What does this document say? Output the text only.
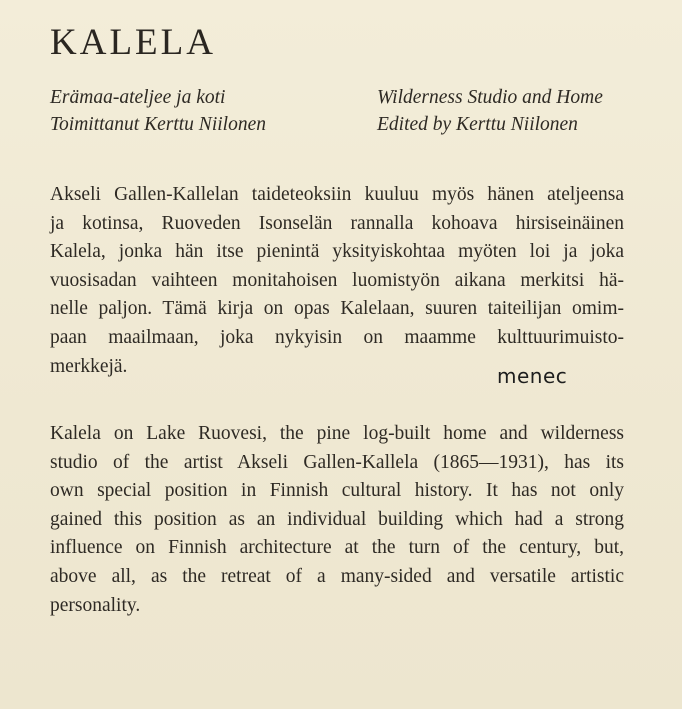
KALELA
Erämaa-ateljee ja koti
Toimittanut Kerttu Niilonen
Wilderness Studio and Home
Edited by Kerttu Niilonen
Akseli Gallen-Kallelan taideteoksiin kuuluu myös hänen ateljeensa
ja kotinsa, Ruoveden Isonselän rannalla kohoava hirsiseinäinen
Kalela, jonka hän itse pienintä yksityiskohtaa myöten loi ja joka
vuosisadan vaihteen monitahoisen luomistyön aikana merkitsi hä-
nelle paljon. Tämä kirja on opas Kalelaan, suuren taiteilijan omim-
paan maailmaan, joka nykyisin on maamme kulttuurimuisto-
merkkejä.	menec
Kalela on Lake Ruovesi, the pine log-built home and wilderness
studio of the artist Akseli Gallen-Kallela (1865—1931), has its
own special position in Finnish cultural history. It has not only
gained this position as an individual building which had a strong
influence on Finnish architecture at the turn of the century, but,
above all, as the retreat of a many-sided and versatile artistic
personality.
